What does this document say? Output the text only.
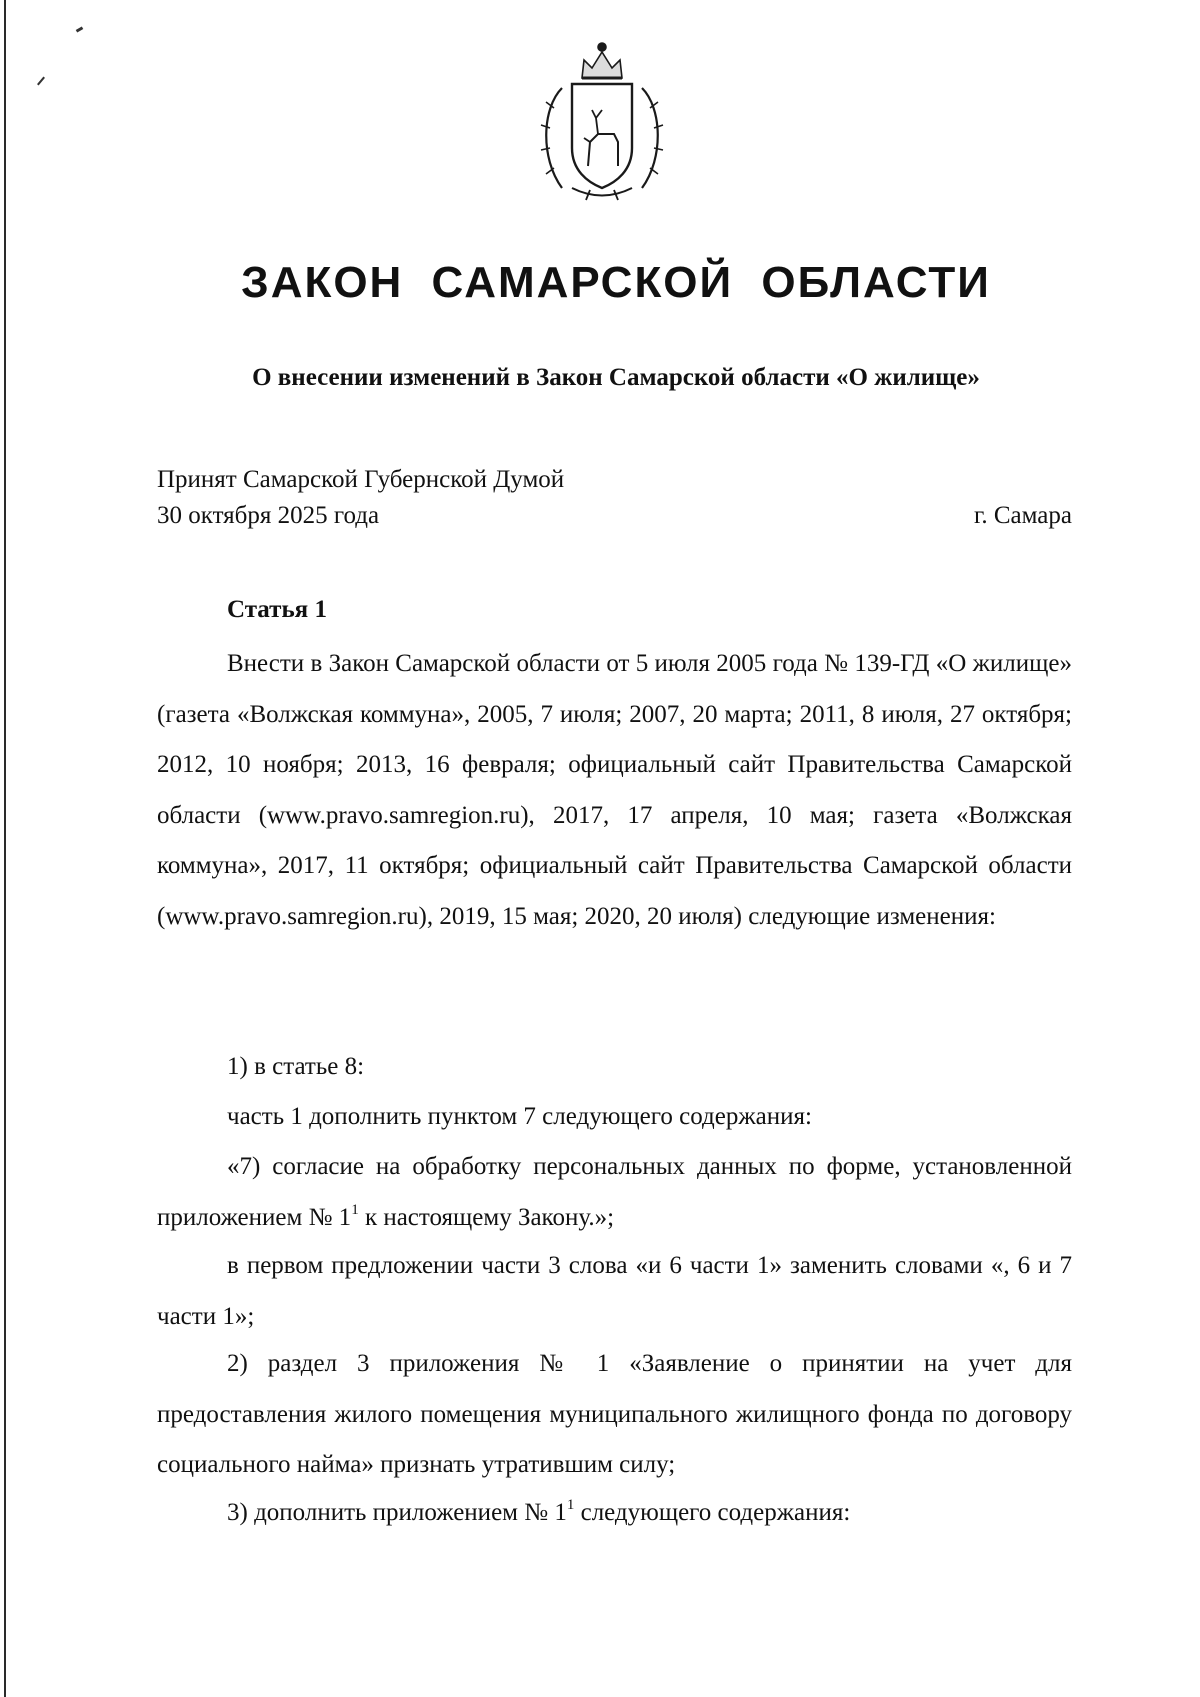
ЗАКОН САМАРСКОЙ ОБЛАСТИ
О внесении изменений в Закон Самарской области «О жилище»
Принят Самарской Губернской Думой
30 октября 2025 года	г. Самара
Статья 1

Внести в Закон Самарской области от 5 июля 2005 года № 139-ГД «О жилище» (газета «Волжская коммуна», 2005, 7 июля; 2007, 20 марта; 2011, 8 июля, 27 октября; 2012, 10 ноября; 2013, 16 февраля; официальный сайт Правительства Самарской области (www.pravo.samregion.ru), 2017, 17 апреля, 10 мая; газета «Волжская коммуна», 2017, 11 октября; официальный сайт Правительства Самарской области (www.pravo.samregion.ru), 2019, 15 мая; 2020, 20 июля) следующие изменения:

1) в статье 8:

часть 1 дополнить пунктом 7 следующего содержания:

«7) согласие на обработку персональных данных по форме, установленной приложением № $1^1$ к настоящему Закону.»;

в первом предложении части 3 слова «и 6 части 1» заменить словами «, 6 и 7 части 1»;

2) раздел 3 приложения № 1 «Заявление о принятии на учет для предоставления жилого помещения муниципального жилищного фонда по договору социального найма» признать утратившим силу;

3) дополнить приложением № $1^1$ следующего содержания:
